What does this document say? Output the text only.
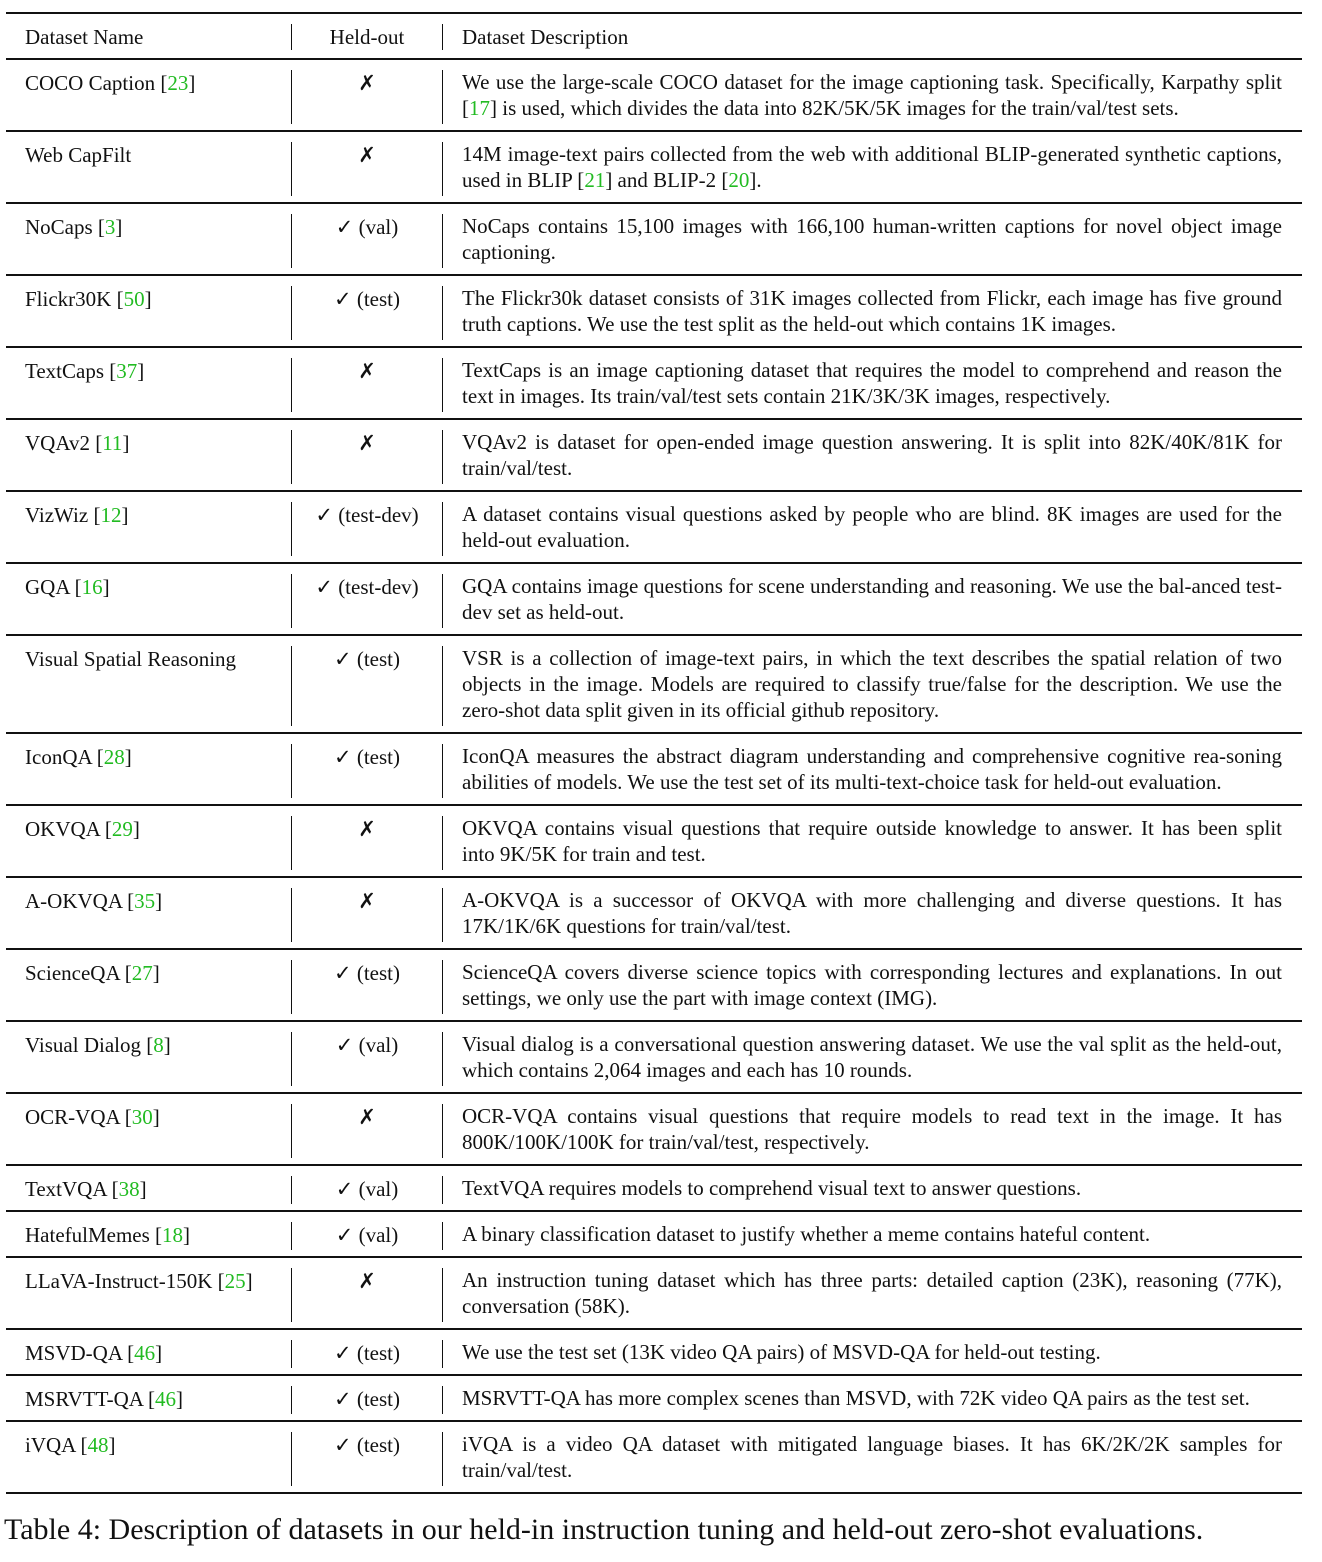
Dataset Name	Held-out	Dataset Description
COCO Caption [23]	✗	We use the large-scale COCO dataset for the image captioning task. Specifically, Karpathy split [17] is used, which divides the data into 82K/5K/5K images for the train/val/test sets.
Web CapFilt	✗	14M image-text pairs collected from the web with additional BLIP-generated synthetic captions, used in BLIP [21] and BLIP-2 [20].
NoCaps [3]	✓ (val)	NoCaps contains 15,100 images with 166,100 human-written captions for novel object image captioning.
Flickr30K [50]	✓ (test)	The Flickr30k dataset consists of 31K images collected from Flickr, each image has five ground truth captions. We use the test split as the held-out which contains 1K images.
TextCaps [37]	✗	TextCaps is an image captioning dataset that requires the model to comprehend and reason the text in images. Its train/val/test sets contain 21K/3K/3K images, respectively.
VQAv2 [11]	✗	VQAv2 is dataset for open-ended image question answering. It is split into 82K/40K/81K for train/val/test.
VizWiz [12]	✓ (test-dev)	A dataset contains visual questions asked by people who are blind. 8K images are used for the held-out evaluation.
GQA [16]	✓ (test-dev)	GQA contains image questions for scene understanding and reasoning. We use the bal-anced test-dev set as held-out.
Visual Spatial Reasoning	✓ (test)	VSR is a collection of image-text pairs, in which the text describes the spatial relation of two objects in the image. Models are required to classify true/false for the description. We use the zero-shot data split given in its official github repository.
IconQA [28]	✓ (test)	IconQA measures the abstract diagram understanding and comprehensive cognitive rea-soning abilities of models. We use the test set of its multi-text-choice task for held-out evaluation.
OKVQA [29]	✗	OKVQA contains visual questions that require outside knowledge to answer. It has been split into 9K/5K for train and test.
A-OKVQA [35]	✗	A-OKVQA is a successor of OKVQA with more challenging and diverse questions. It has 17K/1K/6K questions for train/val/test.
ScienceQA [27]	✓ (test)	ScienceQA covers diverse science topics with corresponding lectures and explanations. In out settings, we only use the part with image context (IMG).
Visual Dialog [8]	✓ (val)	Visual dialog is a conversational question answering dataset. We use the val split as the held-out, which contains 2,064 images and each has 10 rounds.
OCR-VQA [30]	✗	OCR-VQA contains visual questions that require models to read text in the image. It has 800K/100K/100K for train/val/test, respectively.
TextVQA [38]	✓ (val)	TextVQA requires models to comprehend visual text to answer questions.
HatefulMemes [18]	✓ (val)	A binary classification dataset to justify whether a meme contains hateful content.
LLaVA-Instruct-150K [25]	✗	An instruction tuning dataset which has three parts: detailed caption (23K), reasoning (77K), conversation (58K).
MSVD-QA [46]	✓ (test)	We use the test set (13K video QA pairs) of MSVD-QA for held-out testing.
MSRVTT-QA [46]	✓ (test)	MSRVTT-QA has more complex scenes than MSVD, with 72K video QA pairs as the test set.
iVQA [48]	✓ (test)	iVQA is a video QA dataset with mitigated language biases. It has 6K/2K/2K samples for train/val/test.
Table 4: Description of datasets in our held-in instruction tuning and held-out zero-shot evaluations.
